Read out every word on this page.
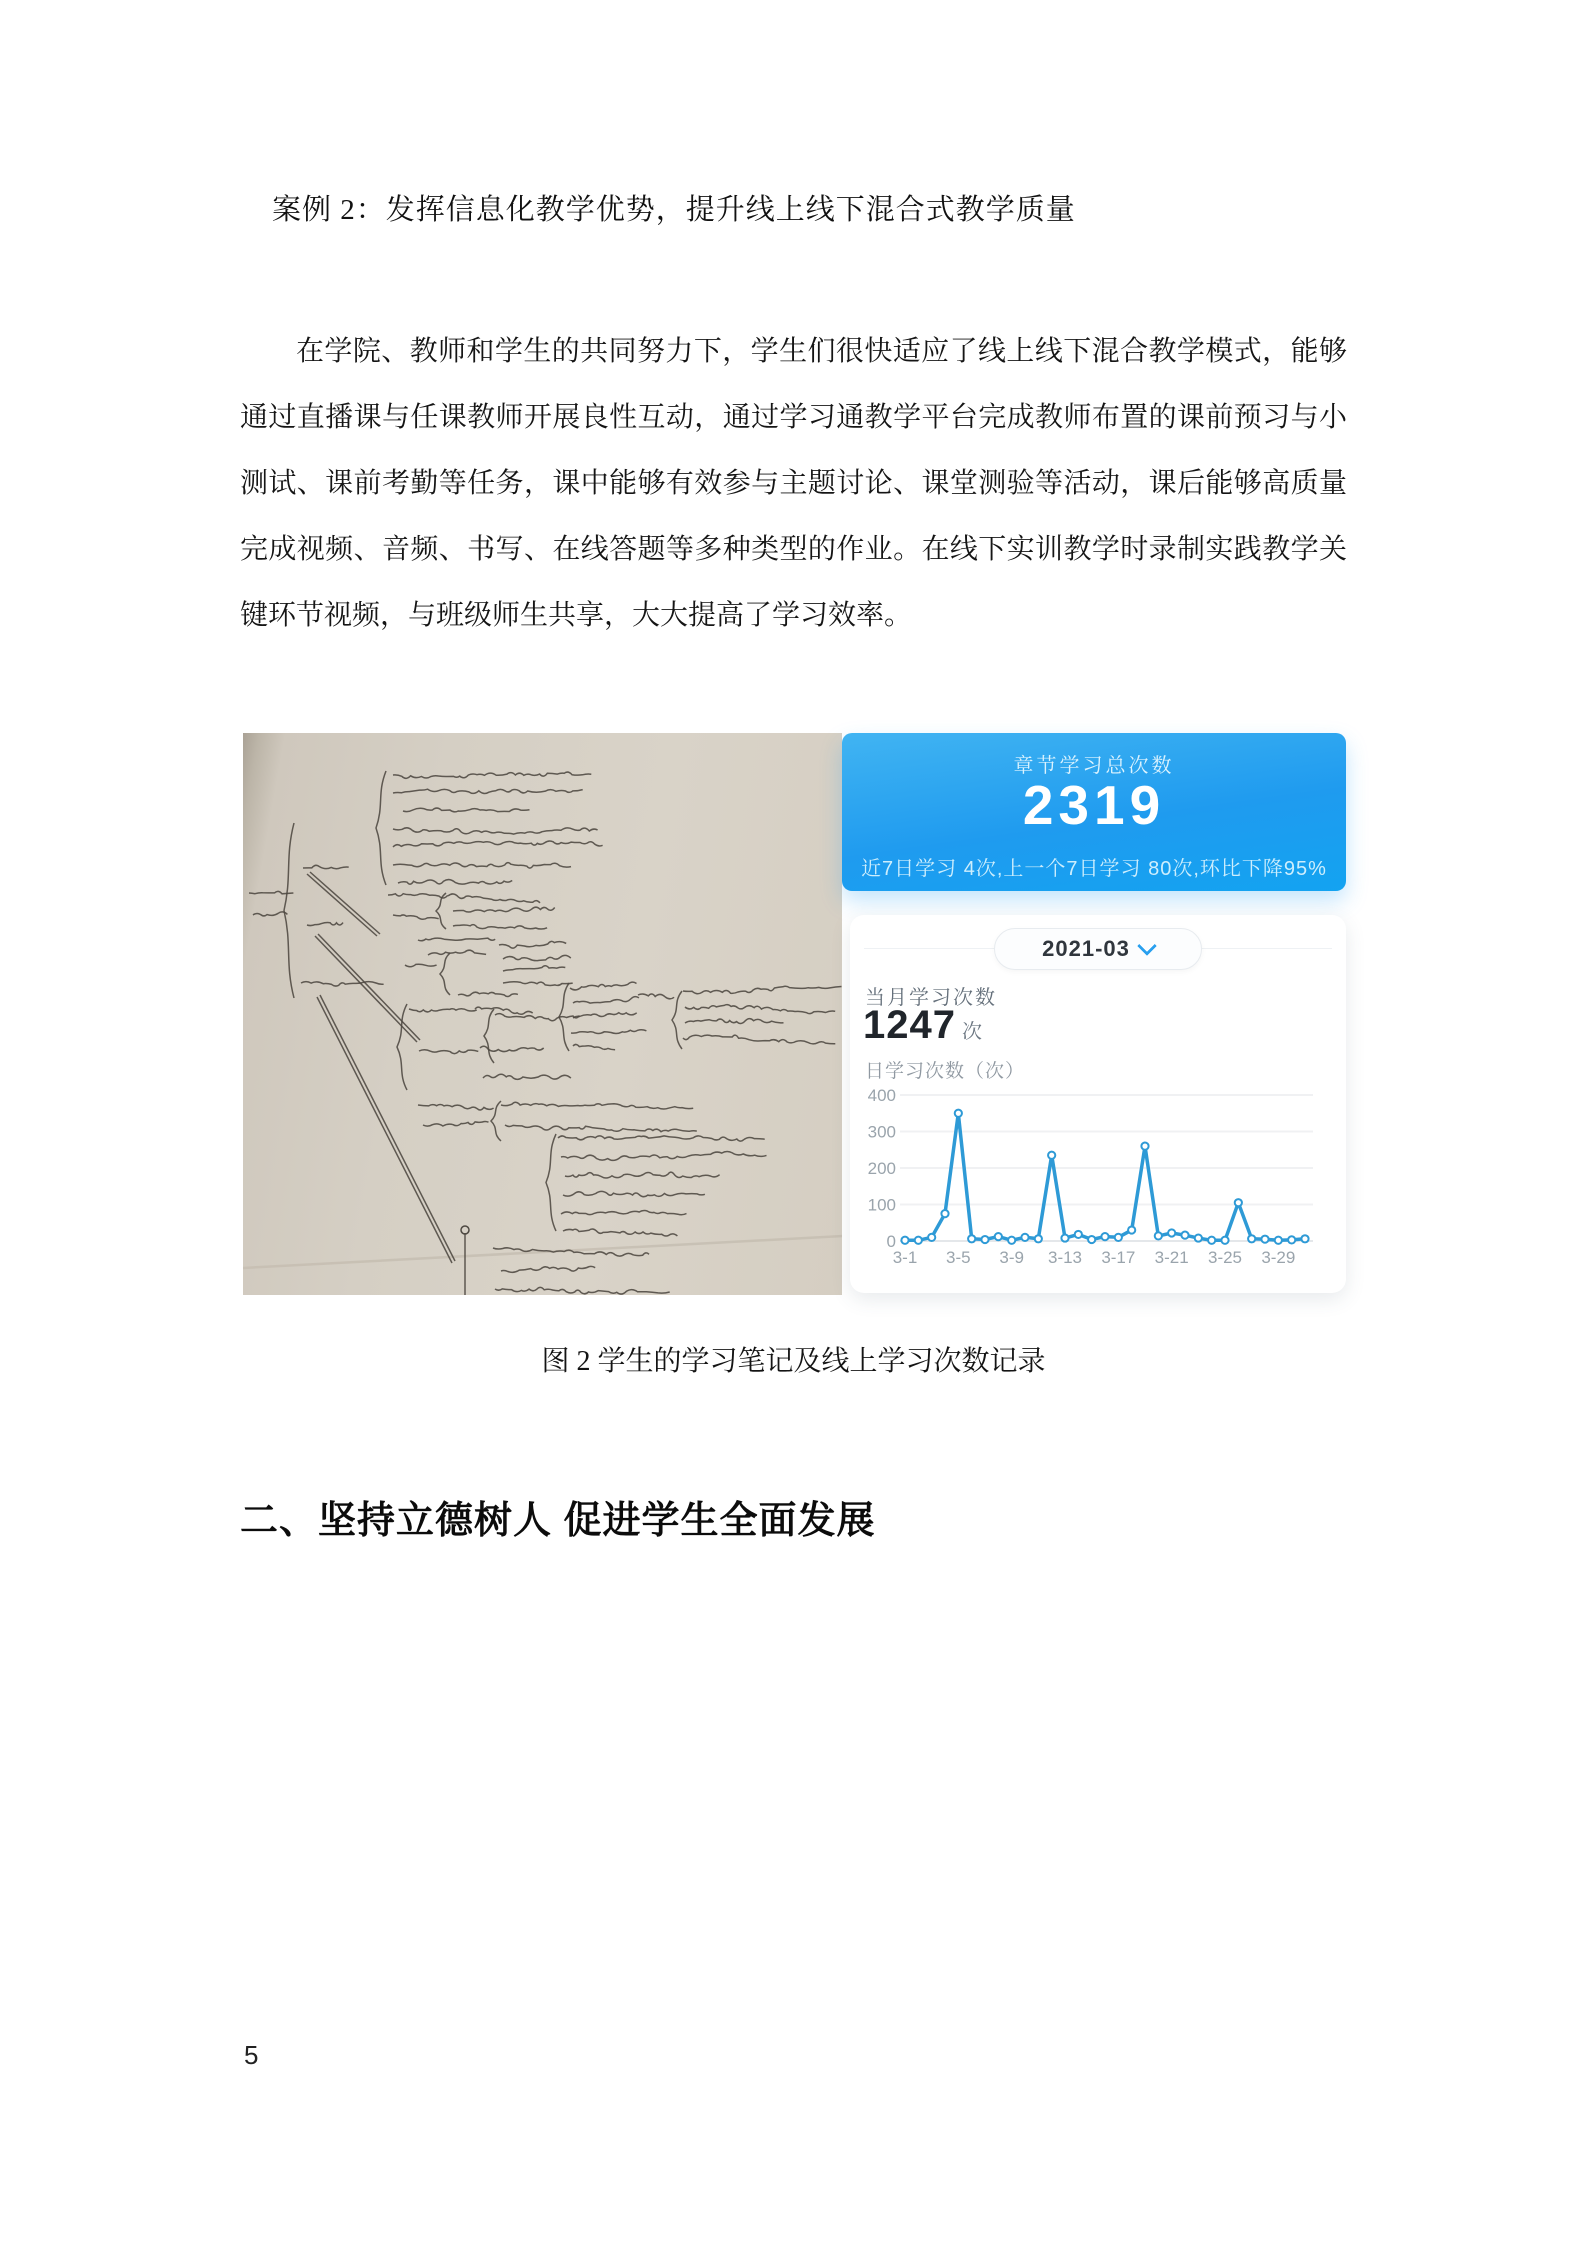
案例 2：发挥信息化教学优势，提升线上线下混合式教学质量
在学院、教师和学生的共同努力下，学生们很快适应了线上线下混合教学模式，能够通过直播课与任课教师开展良性互动，通过学习通教学平台完成教师布置的课前预习与小测试、课前考勤等任务，课中能够有效参与主题讨论、课堂测验等活动，课后能够高质量完成视频、音频、书写、在线答题等多种类型的作业。在线下实训教学时录制实践教学关键环节视频，与班级师生共享，大大提高了学习效率。
章节学习总次数
2319
近7日学习 4次,上一个7日学习 80次,环比下降95%
2021-03
当月学习次数
1247 次
日学习次数（次）
0
100
200
300
400
3-1 3-5 3-9 3-13 3-17 3-21 3-25 3-29
图 2 学生的学习笔记及线上学习次数记录
二、坚持立德树人 促进学生全面发展
5
